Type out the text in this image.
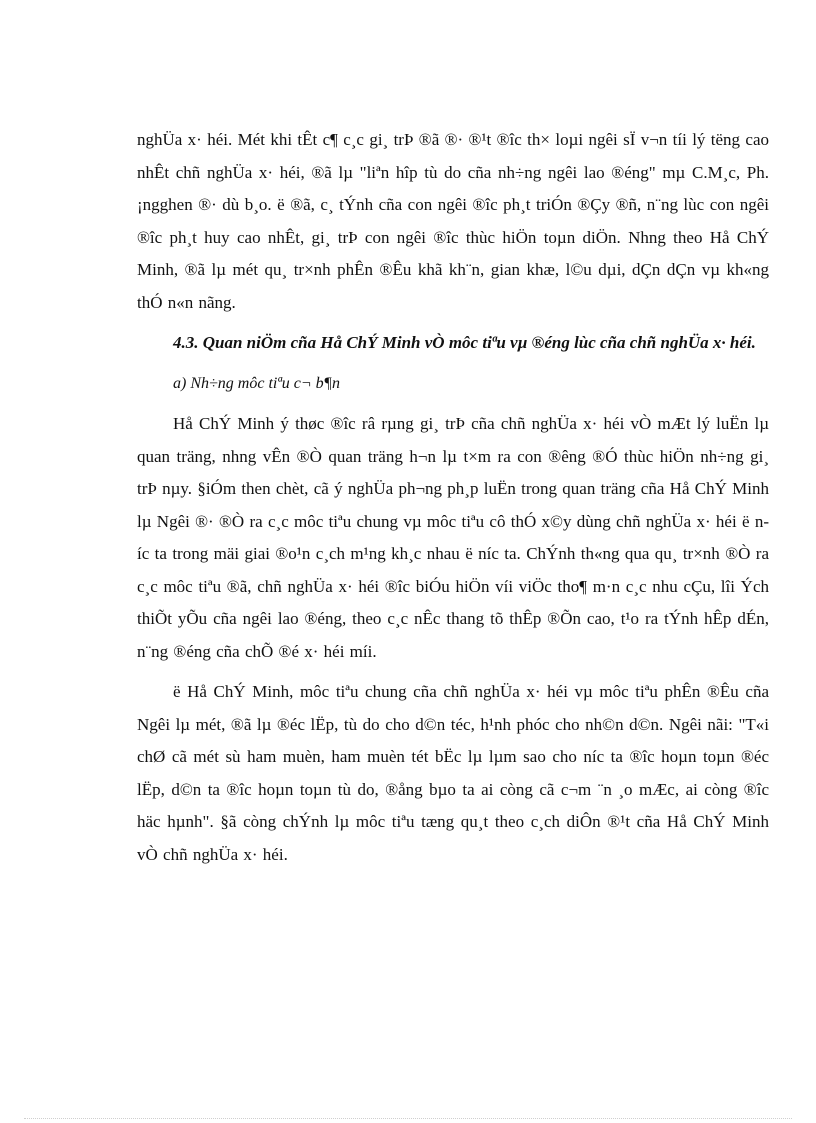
nghÜa x· héi. Mét khi tÊt c¶ c¸c gi¸ trÞ ®ã ®· ®¹t ®îc th× loµi ngêi sÏ v¬n tíi lý tëng cao nhÊt chñ nghÜa x· héi, ®ã lµ "liªn hîp tù do cña nh÷ng ngêi lao ®éng" mµ C.M¸c, Ph.¡ngghen ®· dù b¸o. ë ®ã, c¸ tÝnh cña con ngêi ®îc ph¸t triÓn ®Çy ®ñ, n¨ng lùc con ngêi ®îc ph¸t huy cao nhÊt, gi¸ trÞ con ngêi ®îc thùc hiÖn toµn diÖn. Nhng theo Hå ChÝ Minh, ®ã lµ mét qu¸ tr×nh phÊn ®Êu khã kh¨n, gian khæ, l©u dµi, dÇn dÇn vµ kh«ng thÓ n«n nãng.

4.3. Quan niÖm cña Hå ChÝ Minh vÒ môc tiªu vµ ®éng lùc cña chñ nghÜa x· héi.

a) Nh÷ng môc tiªu c¬ b¶n

Hå ChÝ Minh ý thøc ®îc râ rµng gi¸ trÞ cña chñ nghÜa x· héi vÒ mÆt lý luËn lµ quan träng, nhng vÊn ®Ò quan träng h¬n lµ t×m ra con ®êng ®Ó thùc hiÖn nh÷ng gi¸ trÞ nµy. §iÓm then chèt, cã ý nghÜa ph¬ng ph¸p luËn trong quan träng cña Hå ChÝ Minh lµ Ngêi ®· ®Ò ra c¸c môc tiªu chung vµ môc tiªu cô thÓ x©y dùng chñ nghÜa x· héi ë níc ta trong mäi giai ®o¹n c¸ch m¹ng kh¸c nhau ë níc ta. ChÝnh th«ng qua qu¸ tr×nh ®Ò ra c¸c môc tiªu ®ã, chñ nghÜa x· héi ®îc biÓu hiÖn víi viÖc tho¶ m·n c¸c nhu cÇu, lîi Ých thiÕt yÕu cña ngêi lao ®éng, theo c¸c nÊc thang tõ thÊp ®Õn cao, t¹o ra tÝnh hÊp dÉn, n¨ng ®éng cña chÕ ®é x· héi míi.

ë Hå ChÝ Minh, môc tiªu chung cña chñ nghÜa x· héi vµ môc tiªu phÊn ®Êu cña Ngêi lµ mét, ®ã lµ ®éc lËp, tù do cho d©n téc, h¹nh phóc cho nh©n d©n. Ngêi nãi: "T«i chØ cã mét sù ham muèn, ham muèn tét bËc lµ lµm sao cho níc ta ®îc hoµn toµn ®éc lËp, d©n ta ®îc hoµn toµn tù do, ®ång bµo ta ai còng cã c¬m ¨n ¸o mÆc, ai còng ®îc häc hµnh". §ã còng chÝnh lµ môc tiªu tæng qu¸t theo c¸ch diÔn ®¹t cña Hå ChÝ Minh vÒ chñ nghÜa x· héi.
